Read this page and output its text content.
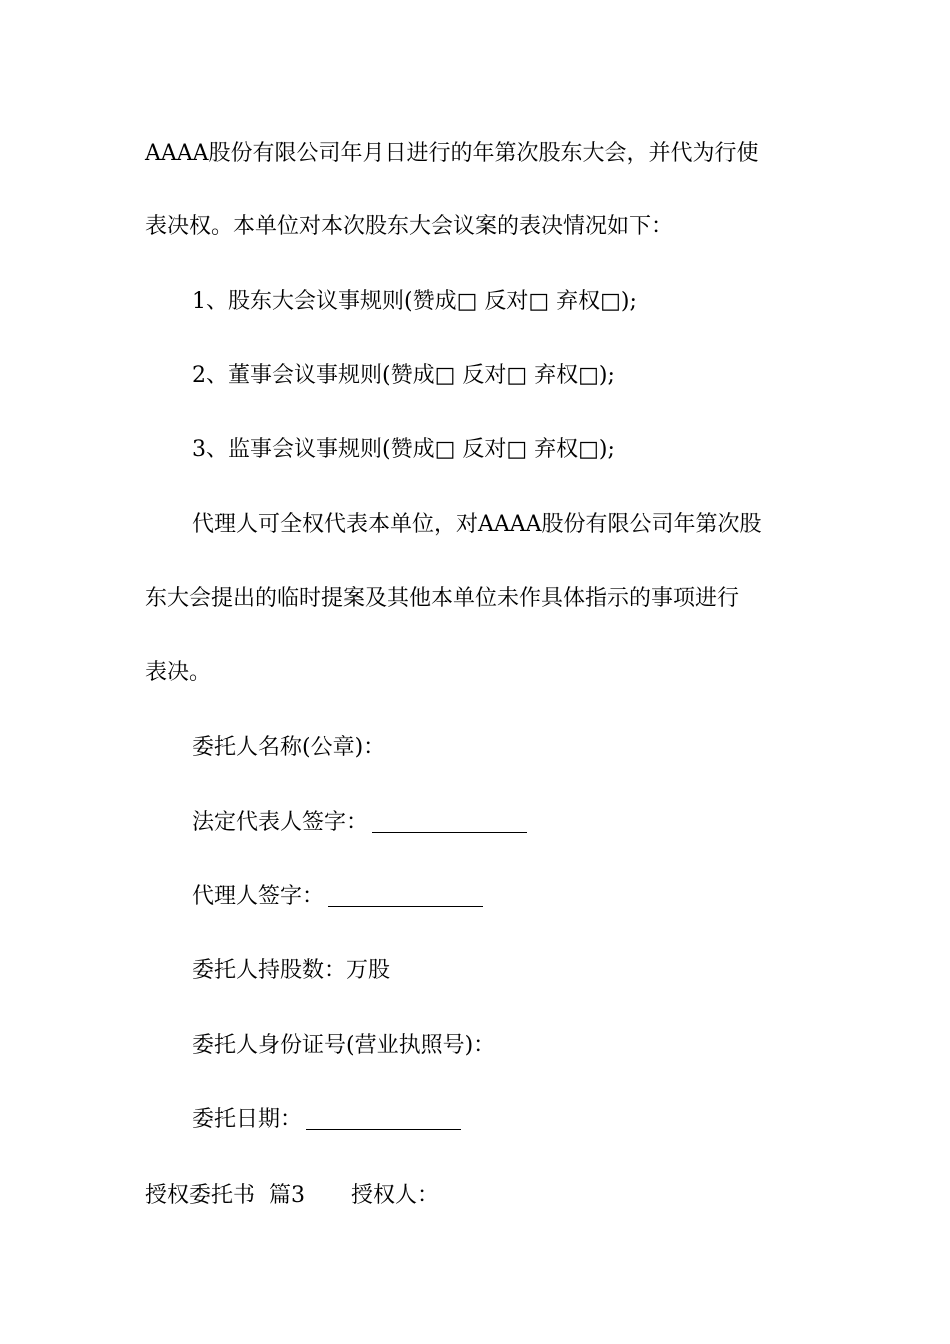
AAAA股份有限公司年月日进行的年第次股东大会，并代为行使
表决权。本单位对本次股东大会议案的表决情况如下：
1、股东大会议事规则(赞成□ 反对□ 弃权□);
2、董事会议事规则(赞成□ 反对□ 弃权□);
3、监事会议事规则(赞成□ 反对□ 弃权□);
代理人可全权代表本单位，对AAAA股份有限公司年第次股
东大会提出的临时提案及其他本单位未作具体指示的事项进行
表决。
委托人名称(公章)：
法定代表人签字：
代理人签字：
委托人持股数：万股
委托人身份证号(营业执照号)：
委托日期：
授权委托书 篇3 授权人：
